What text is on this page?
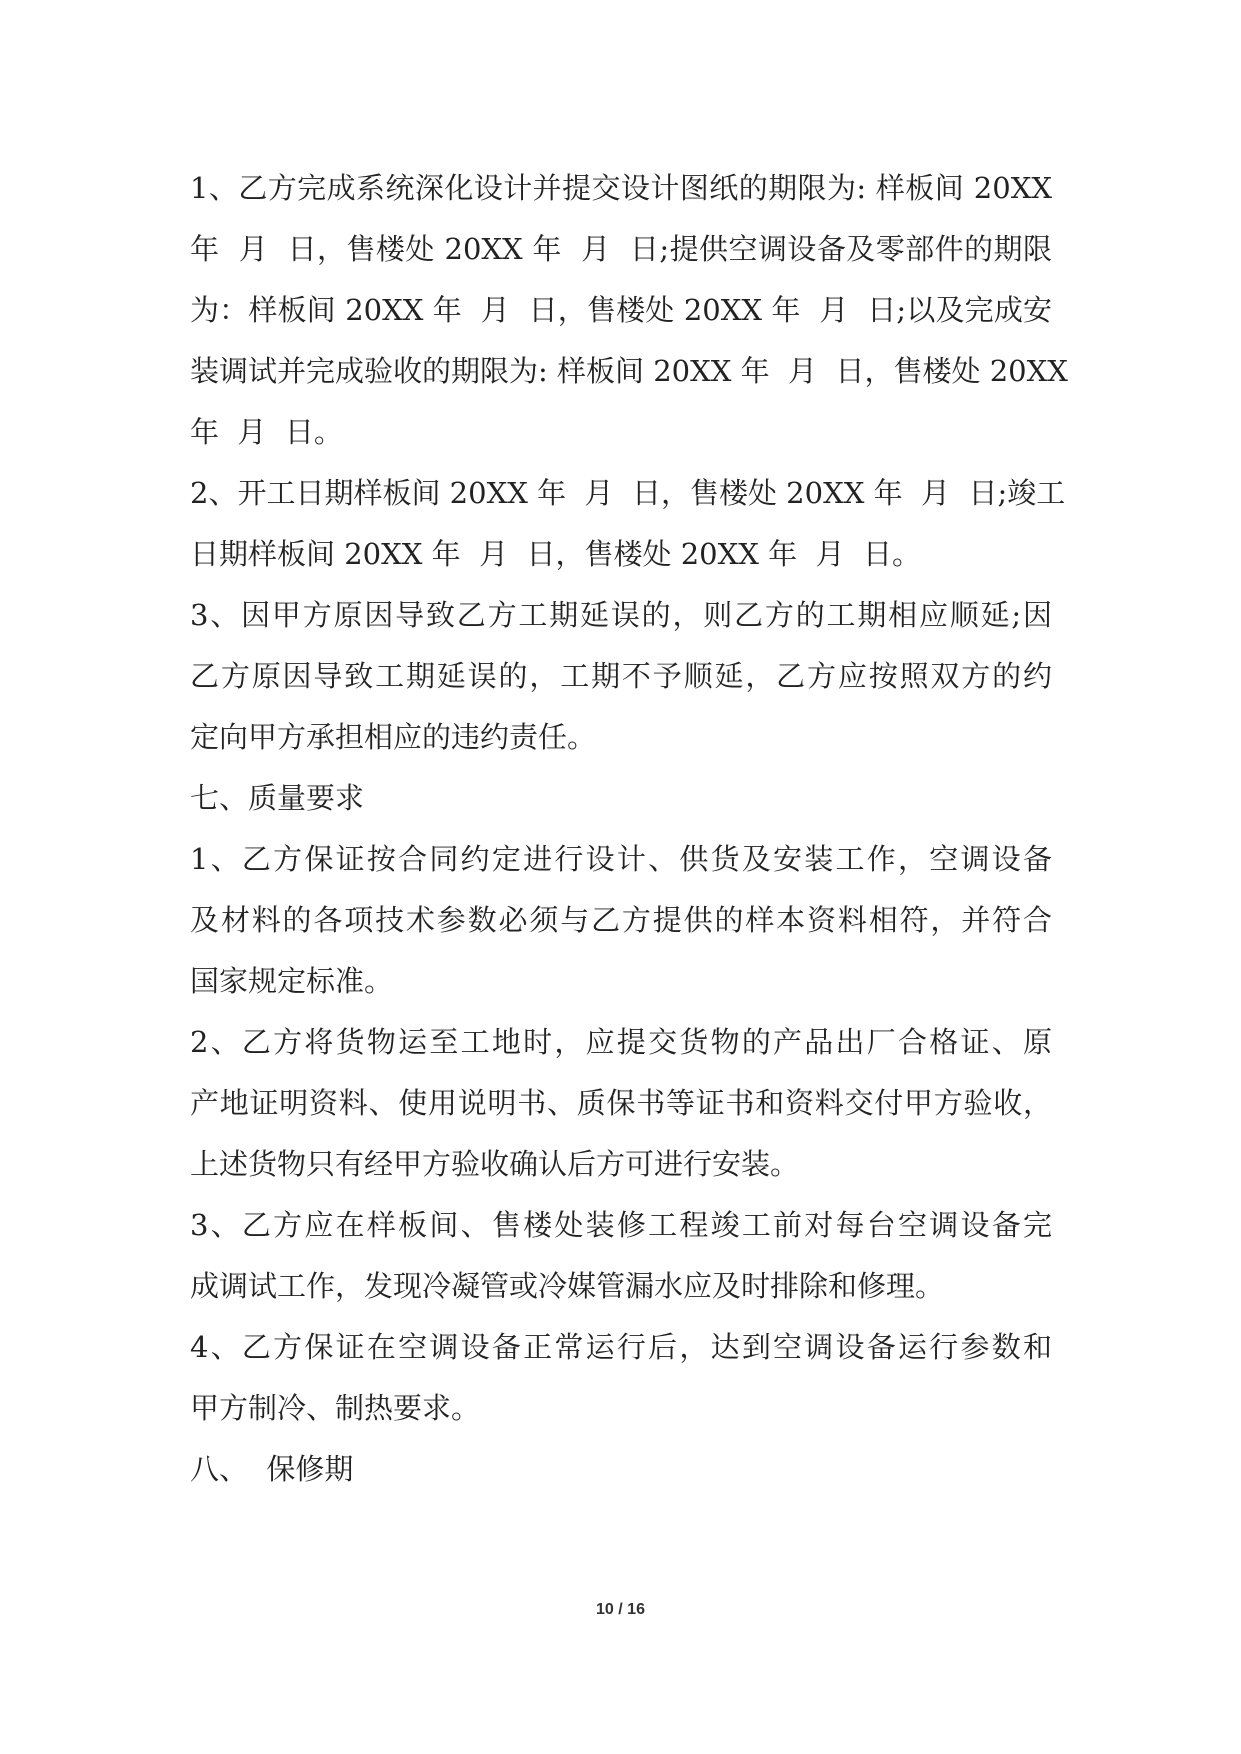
1、乙方完成系统深化设计并提交设计图纸的期限为: 样板间 20XX
年  月  日，售楼处 20XX 年  月  日;提供空调设备及零部件的期限
为：样板间 20XX 年  月  日，售楼处 20XX 年  月  日;以及完成安
装调试并完成验收的期限为: 样板间 20XX 年  月  日，售楼处 20XX
年  月  日。
2、开工日期样板间 20XX 年  月  日，售楼处 20XX 年  月  日;竣工
日期样板间 20XX 年  月  日，售楼处 20XX 年  月  日。
3、因甲方原因导致乙方工期延误的，则乙方的工期相应顺延;因
乙方原因导致工期延误的，工期不予顺延，乙方应按照双方的约
定向甲方承担相应的违约责任。
七、质量要求
1、乙方保证按合同约定进行设计、供货及安装工作，空调设备
及材料的各项技术参数必须与乙方提供的样本资料相符，并符合
国家规定标准。
2、乙方将货物运至工地时，应提交货物的产品出厂合格证、原
产地证明资料、使用说明书、质保书等证书和资料交付甲方验收，
上述货物只有经甲方验收确认后方可进行安装。
3、乙方应在样板间、售楼处装修工程竣工前对每台空调设备完
成调试工作，发现冷凝管或冷媒管漏水应及时排除和修理。
4、乙方保证在空调设备正常运行后，达到空调设备运行参数和
甲方制冷、制热要求。
八、  保修期
10 / 16
